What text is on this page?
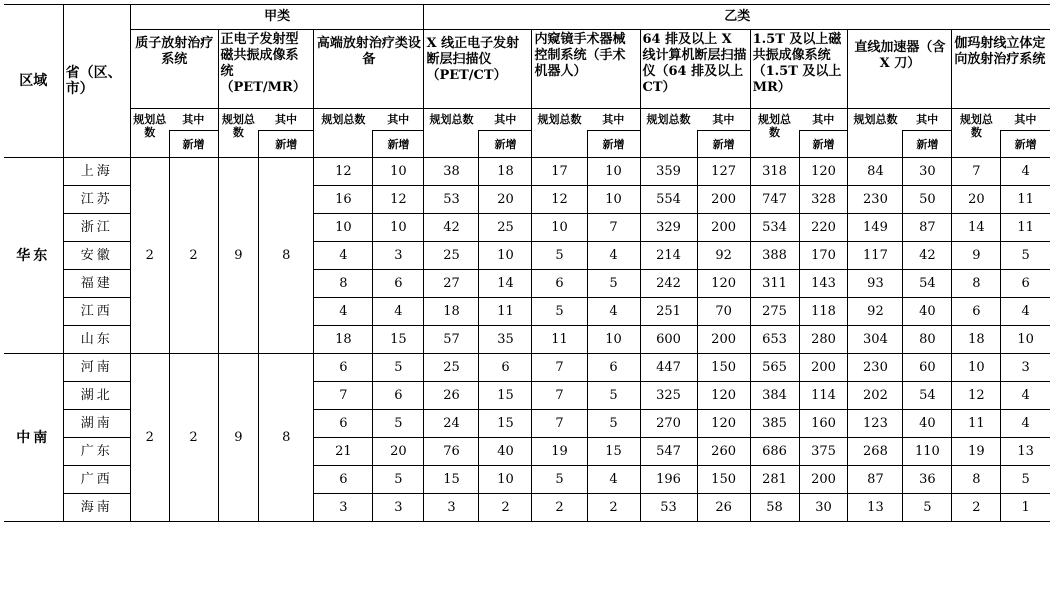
区域	省（区、市）	甲类						乙类											
		质子放射治疗系统		正电子发射型磁共振成像系统（PET/MR）		高端放射治疗类设备		X 线正电子发射断层扫描仪（PET/CT）		内窥镜手术器械控制系统（手术机器人）		64 排及以上 X 线计算机断层扫描仪（64 排及以上 CT）		1.5T 及以上磁共振成像系统（1.5T 及以上 MR）		直线加速器（含 X 刀）		伽玛射线立体定向放射治疗系统	
		规划总数	其中	规划总数	其中	规划总数	其中	规划总数	其中	规划总数	其中	规划总数	其中	规划总数	其中	规划总数	其中	规划总数	其中
			新增		新增		新增		新增		新增		新增		新增		新增		新增
华东	上海	2	2	9	8	12	10	38	18	17	10	359	127	318	120	84	30	7	4
	江苏					16	12	53	20	12	10	554	200	747	328	230	50	20	11
	浙江					10	10	42	25	10	7	329	200	534	220	149	87	14	11
	安徽					4	3	25	10	5	4	214	92	388	170	117	42	9	5
	福建					8	6	27	14	6	5	242	120	311	143	93	54	8	6
	江西					4	4	18	11	5	4	251	70	275	118	92	40	6	4
	山东					18	15	57	35	11	10	600	200	653	280	304	80	18	10
中南	河南	2	2	9	8	6	5	25	6	7	6	447	150	565	200	230	60	10	3
	湖北					7	6	26	15	7	5	325	120	384	114	202	54	12	4
	湖南					6	5	24	15	7	5	270	120	385	160	123	40	11	4
	广东					21	20	76	40	19	15	547	260	686	375	268	110	19	13
	广西					6	5	15	10	5	4	196	150	281	200	87	36	8	5
	海南					3	3	3	2	2	2	53	26	58	30	13	5	2	1
